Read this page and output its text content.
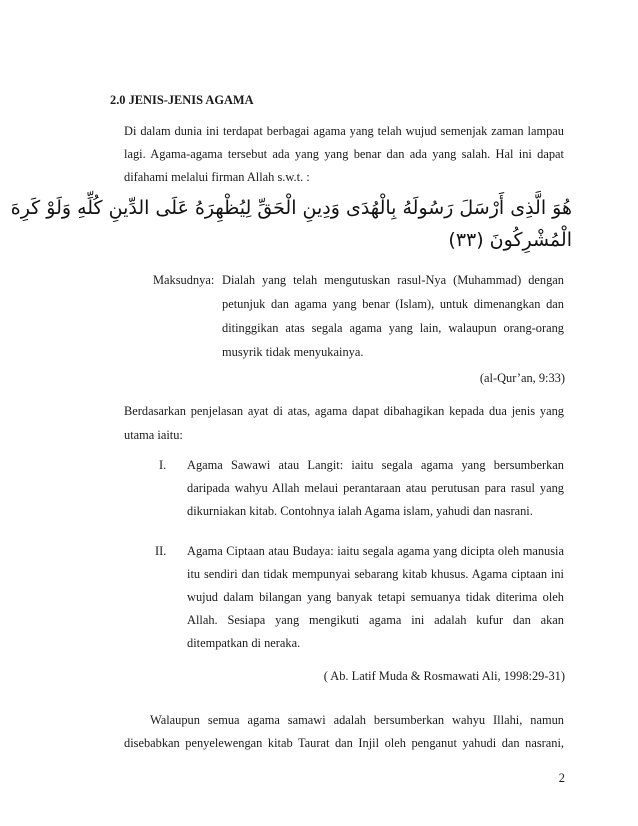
2.0 JENIS-JENIS AGAMA
Di dalam dunia ini terdapat berbagai agama yang telah wujud semenjak zaman lampau
lagi. Agama-agama tersebut ada yang yang benar dan ada yang salah. Hal ini dapat
difahami melalui firman Allah s.w.t. :
هُوَ الَّذِى أَرْسَلَ رَسُولَهُ بِالْهُدَى وَدِينِ الْحَقِّ لِيُظْهِرَهُ عَلَى الدِّينِ كُلِّهِ وَلَوْ كَرِهَ
الْمُشْرِكُونَ (٣٣)
Maksudnya: Dialah yang telah mengutuskan rasul-Nya (Muhammad) dengan
petunjuk dan agama yang benar (Islam), untuk dimenangkan dan
ditinggikan atas segala agama yang lain, walaupun orang-orang
musyrik tidak menyukainya.
(al-Qur’an, 9:33)
Berdasarkan penjelasan ayat di atas, agama dapat dibahagikan kepada dua jenis yang
utama iaitu:
I. Agama Sawawi atau Langit: iaitu segala agama yang bersumberkan
daripada wahyu Allah melaui perantaraan atau perutusan para rasul yang
dikurniakan kitab. Contohnya ialah Agama islam, yahudi dan nasrani.
II. Agama Ciptaan atau Budaya: iaitu segala agama yang dicipta oleh manusia
itu sendiri dan tidak mempunyai sebarang kitab khusus. Agama ciptaan ini
wujud dalam bilangan yang banyak tetapi semuanya tidak diterima oleh
Allah. Sesiapa yang mengikuti agama ini adalah kufur dan akan
ditempatkan di neraka.
( Ab. Latif Muda & Rosmawati Ali, 1998:29-31)
Walaupun semua agama samawi adalah bersumberkan wahyu Illahi, namun
disebabkan penyelewengan kitab Taurat dan Injil oleh penganut yahudi dan nasrani,
2
